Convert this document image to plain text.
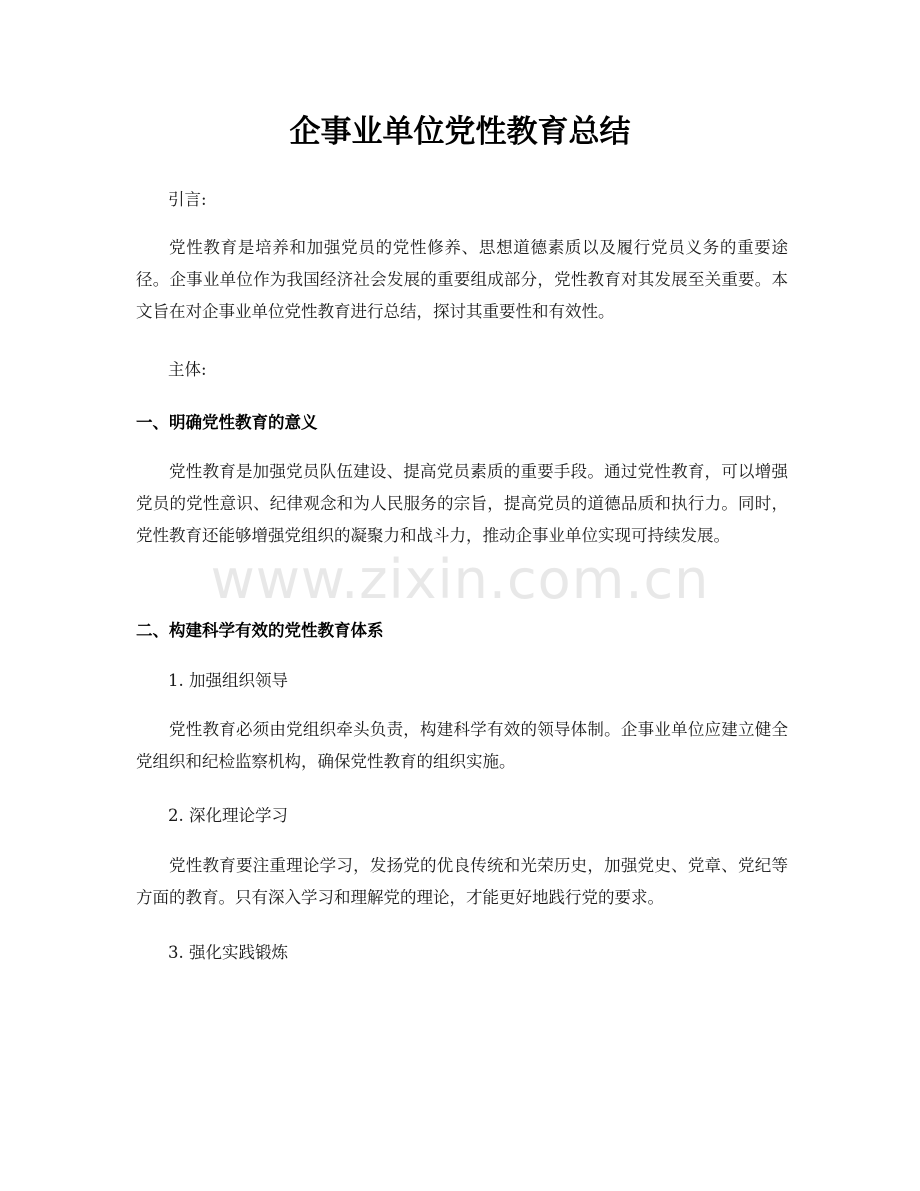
企事业单位党性教育总结

引言:

党性教育是培养和加强党员的党性修养、思想道德素质以及履行党员义务的重要途径。企事业单位作为我国经济社会发展的重要组成部分，党性教育对其发展至关重要。本文旨在对企事业单位党性教育进行总结，探讨其重要性和有效性。

主体:

一、明确党性教育的意义

党性教育是加强党员队伍建设、提高党员素质的重要手段。通过党性教育，可以增强党员的党性意识、纪律观念和为人民服务的宗旨，提高党员的道德品质和执行力。同时，党性教育还能够增强党组织的凝聚力和战斗力，推动企事业单位实现可持续发展。

二、构建科学有效的党性教育体系

1. 加强组织领导

党性教育必须由党组织牵头负责，构建科学有效的领导体制。企事业单位应建立健全党组织和纪检监察机构，确保党性教育的组织实施。

2. 深化理论学习

党性教育要注重理论学习，发扬党的优良传统和光荣历史，加强党史、党章、党纪等方面的教育。只有深入学习和理解党的理论，才能更好地践行党的要求。

3. 强化实践锻炼

www.zixin.com.cn
